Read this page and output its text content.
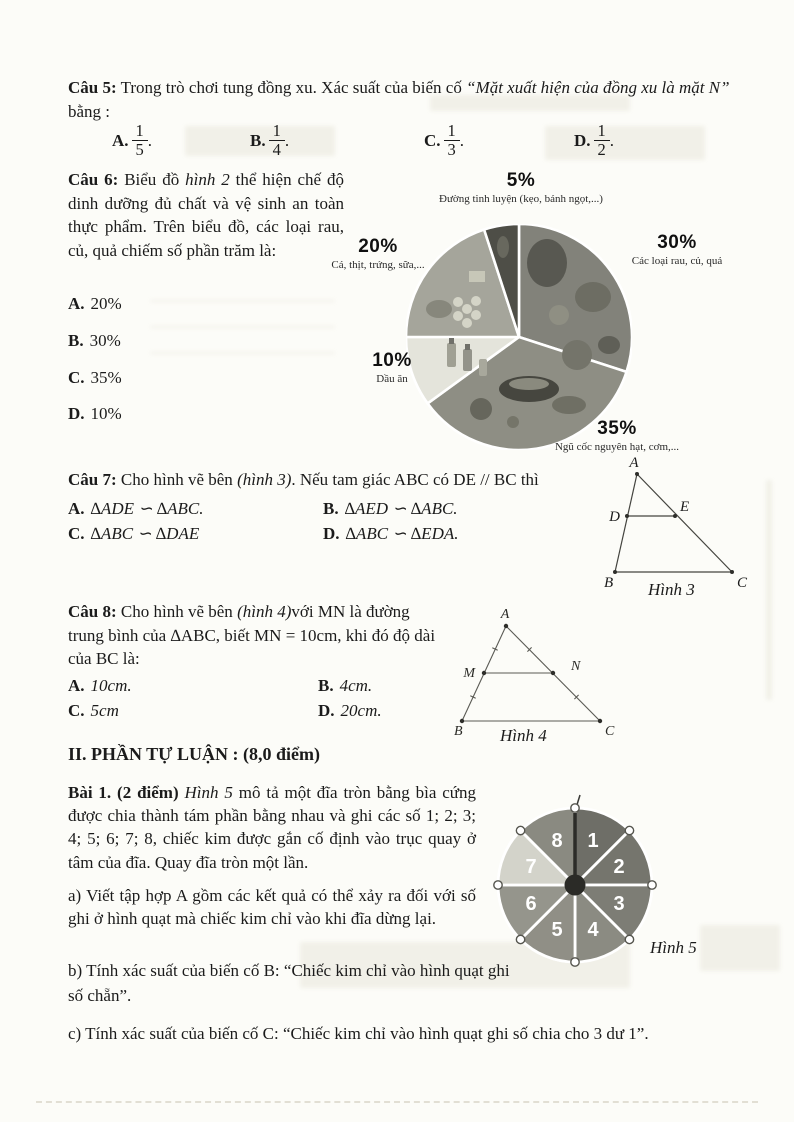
Câu 5: Trong trò chơi tung đồng xu. Xác suất của biến cố “Mặt xuất hiện của đồng xu là mặt N” bằng :
A. $\frac{1}{5}$ .	B. $\frac{1}{4}$ .	C. $\frac{1}{3}$ .	D. $\frac{1}{2}$ .
Câu 6: Biểu đồ hình 2 thể hiện chế độ dinh dưỡng đủ chất và vệ sinh an toàn thực phẩm. Trên biểu đồ, các loại rau, củ, quả chiếm số phần trăm là:
A. 20%
B. 30%
C. 35%
D. 10%
5%
Đường tinh luyện (kẹo, bánh ngọt,...)
30%
Các loại rau, củ, quả
35%
Ngũ cốc nguyên hạt, cơm,...
10%
Dầu ăn
20%
Cá, thịt, trứng, sữa,...
Câu 7: Cho hình vẽ bên (hình 3). Nếu tam giác ABC có DE // BC thì
A. ∆ADE ∽ ∆ABC.	B. ∆AED ∽ ∆ABC.
C. ∆ABC ∽ ∆DAE	D. ∆ABC ∽ ∆EDA.
A
B	C
D
E
Hình 3
Câu 8: Cho hình vẽ bên (hình 4)với MN là đường trung bình của ∆ABC, biết MN = 10cm, khi đó độ dài của BC là:
A. 10cm.	B. 4cm.
C. 5cm	D. 20cm.
A
B	C
M	N
Hình 4
II. PHẦN TỰ LUẬN : (8,0 điểm)
Bài 1. (2 điểm) Hình 5 mô tả một đĩa tròn bằng bìa cứng được chia thành tám phần bằng nhau và ghi các số 1; 2; 3; 4; 5; 6; 7; 8, chiếc kim được gắn cố định vào trục quay ở tâm của đĩa. Quay đĩa tròn một lần.
a) Viết tập hợp A gồm các kết quả có thể xảy ra đối với số ghi ở hình quạt mà chiếc kim chỉ vào khi đĩa dừng lại.
b) Tính xác suất của biến cố B: “Chiếc kim chỉ vào hình quạt ghi số chẵn”.
c) Tính xác suất của biến cố C: “Chiếc kim chỉ vào hình quạt ghi số chia cho 3 dư 1”.
1
2
3
4
5
6
7
8
Hình 5
